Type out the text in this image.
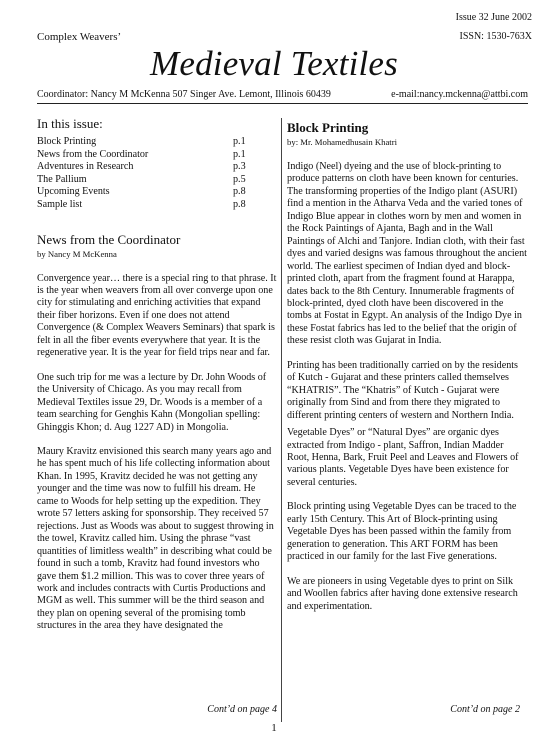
Issue 32 June 2002
ISSN: 1530-763X
Complex Weavers’
Medieval Textiles
Coordinator: Nancy M McKenna 507 Singer Ave. Lemont, Illinois 60439	e-mail:nancy.mckenna@attbi.com
In this issue:
Block Printing	p.1
News from the Coordinator	p.1
Adventures in Research	p.3
The Pallium	p.5
Upcoming Events	p.8
Sample list	p.8
News from the Coordinator
by Nancy M McKenna

Convergence year… there is a special ring to that phrase. It is the year when weavers from all over converge upon one city for stimulating and enriching activities that expand their fiber horizons. Even if one does not attend Convergence (& Complex Weavers Seminars) that spark is felt in all the fiber events everywhere that year. It is the regenerative year. It is the year for field trips near and far.

One such trip for me was a lecture by Dr. John Woods of the University of Chicago. As you may recall from Medieval Textiles issue 29, Dr. Woods is a member of a team searching for Genghis Kahn (Mongolian spelling: Ghinggis Khon; d. Aug 1227 AD) in Mongolia.

Maury Kravitz envisioned this search many years ago and he has spent much of his life collecting information about Khan. In 1995, Kravitz decided he was not getting any younger and the time was now to fulfill his dream. He came to Woods for help setting up the expedition. They wrote 57 letters asking for sponsorship. They received 57 rejections. Just as Woods was about to suggest throwing in the towel, Kravitz called him. Using the phrase “vast quantities of limitless wealth” in describing what could be found in such a tomb, Kravitz had found investors who gave them $1.2 million. This was to cover three years of work and includes contracts with Curtis Productions and MGM as well. This summer will be the third season and they plan on opening several of the promising tomb structures in the area they have designated the

Block Printing
by: Mr. Mohamedhusain Khatri

Indigo (Neel) dyeing and the use of block-printing to produce patterns on cloth have been known for centuries. The transforming properties of the Indigo plant (ASURI) find a mention in the Atharva Veda and the varied tones of Indigo Blue appear in clothes worn by men and women in the Rock Paintings of Ajanta, Bagh and in the Wall Paintings of Alchi and Tanjore. Indian cloth, with their fast dyes and varied designs was famous throughout the ancient world. The earliest specimen of Indian dyed and block-printed cloth, apart from the fragment found at Harappa, dates back to the 8th Century. Innumerable fragments of block-printed, dyed cloth have been discovered in the tombs at Fostat in Egypt. An analysis of the Indigo Dye in these Fostat fabrics has led to the belief that the origin of these resist cloth was Gujarat in India.

Printing has been traditionally carried on by the residents of Kutch - Gujarat and these printers called themselves “KHATRIS”. The “Khatris” of Kutch - Gujarat were originally from Sind and from there they migrated to different printing centers of western and Northern India.

Vegetable Dyes” or “Natural Dyes” are organic dyes extracted from Indigo - plant, Saffron, Indian Madder Root, Henna, Bark, Fruit Peel and Leaves and Flowers of various plants. Vegetable Dyes have been existence for several centuries.

Block printing using Vegetable Dyes can be traced to the early 15th Century. This Art of Block-printing using Vegetable Dyes has been passed within the family from generation to generation. This ART FORM has been practiced in our family for the last Five generations.

We are pioneers in using Vegetable dyes to print on Silk and Woollen fabrics after having done extensive research and experimentation.

Cont’d on page 4	Cont’d on page 2
1
